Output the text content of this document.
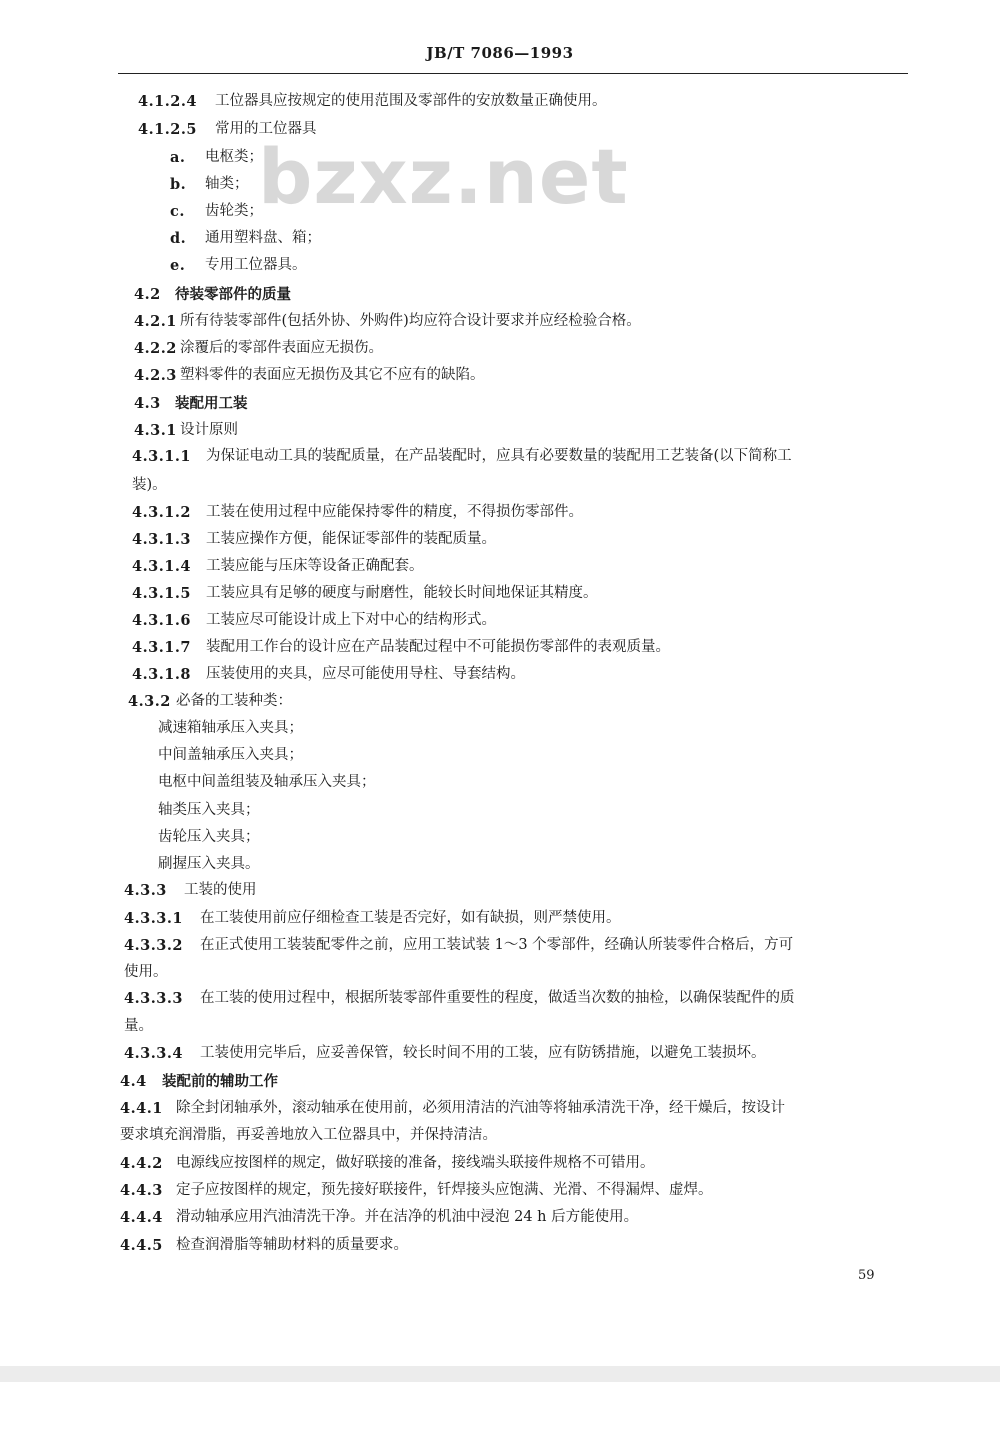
JB/T 7086—1993
bzxz.net
4.1.2.4 工位器具应按规定的使用范围及零部件的安放数量正确使用。
4.1.2.5 常用的工位器具
a. 电枢类；
b. 轴类；
c. 齿轮类；
d. 通用塑料盘、箱；
e. 专用工位器具。
4.2 待装零部件的质量
4.2.1 所有待装零部件(包括外协、外购件)均应符合设计要求并应经检验合格。
4.2.2 涂覆后的零部件表面应无损伤。
4.2.3 塑料零件的表面应无损伤及其它不应有的缺陷。
4.3 装配用工装
4.3.1 设计原则
4.3.1.1 为保证电动工具的装配质量，在产品装配时，应具有必要数量的装配用工艺装备(以下简称工
装)。
4.3.1.2 工装在使用过程中应能保持零件的精度，不得损伤零部件。
4.3.1.3 工装应操作方便，能保证零部件的装配质量。
4.3.1.4 工装应能与压床等设备正确配套。
4.3.1.5 工装应具有足够的硬度与耐磨性，能较长时间地保证其精度。
4.3.1.6 工装应尽可能设计成上下对中心的结构形式。
4.3.1.7 装配用工作台的设计应在产品装配过程中不可能损伤零部件的表观质量。
4.3.1.8 压装使用的夹具，应尽可能使用导柱、导套结构。
4.3.2 必备的工装种类：
减速箱轴承压入夹具；
中间盖轴承压入夹具；
电枢中间盖组装及轴承压入夹具；
轴类压入夹具；
齿轮压入夹具；
刷握压入夹具。
4.3.3 工装的使用
4.3.3.1 在工装使用前应仔细检查工装是否完好，如有缺损，则严禁使用。
4.3.3.2 在正式使用工装装配零件之前，应用工装试装 1～3 个零部件，经确认所装零件合格后，方可
使用。
4.3.3.3 在工装的使用过程中，根据所装零部件重要性的程度，做适当次数的抽检，以确保装配件的质
量。
4.3.3.4 工装使用完毕后，应妥善保管，较长时间不用的工装，应有防锈措施，以避免工装损坏。
4.4 装配前的辅助工作
4.4.1 除全封闭轴承外，滚动轴承在使用前，必须用清洁的汽油等将轴承清洗干净，经干燥后，按设计
要求填充润滑脂，再妥善地放入工位器具中，并保持清洁。
4.4.2 电源线应按图样的规定，做好联接的准备，接线端头联接件规格不可错用。
4.4.3 定子应按图样的规定，预先接好联接件，钎焊接头应饱满、光滑、不得漏焊、虚焊。
4.4.4 滑动轴承应用汽油清洗干净。并在洁净的机油中浸泡 24 h 后方能使用。
4.4.5 检查润滑脂等辅助材料的质量要求。
59
